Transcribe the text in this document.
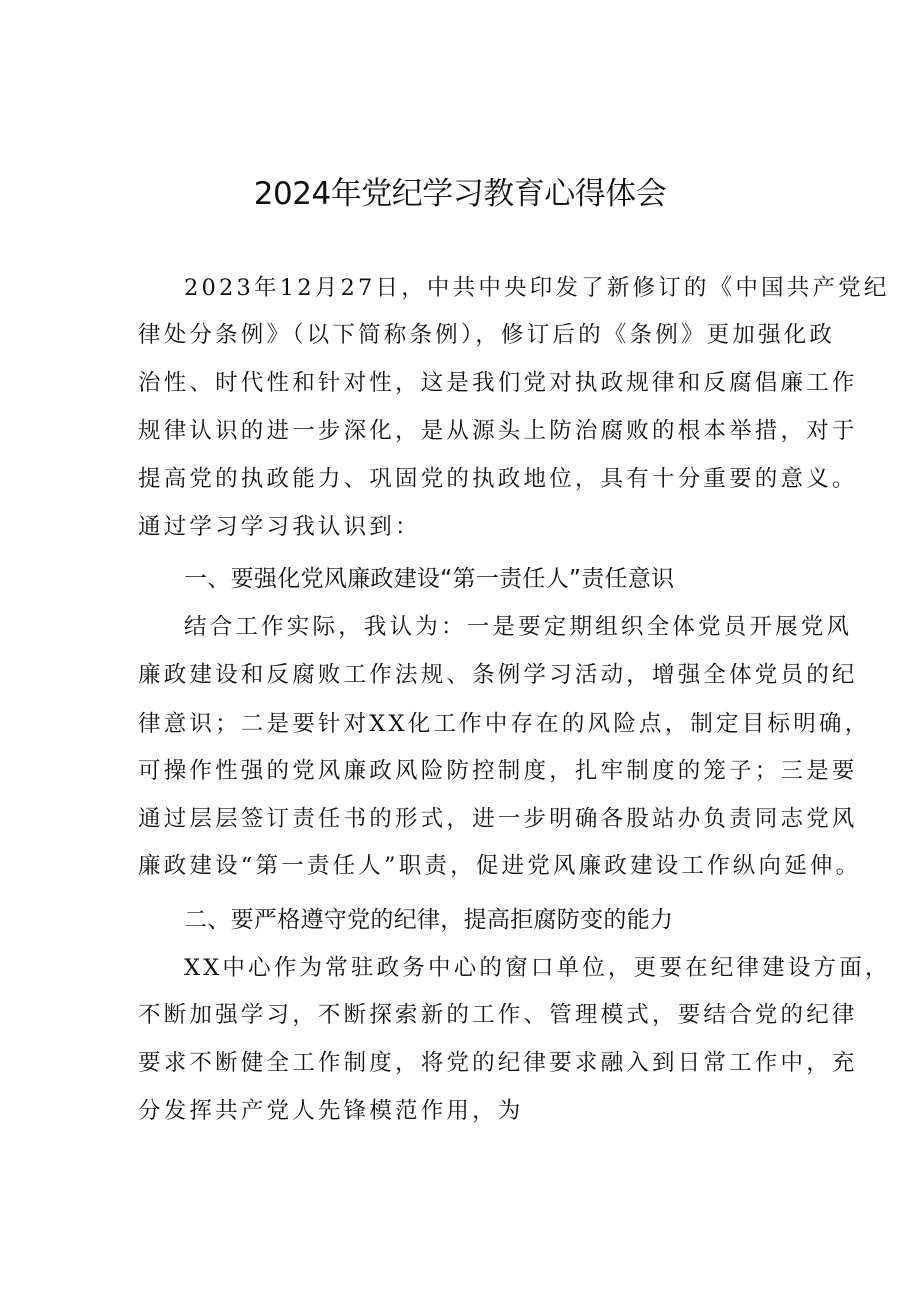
2024年党纪学习教育心得体会
2023年12月27日，中共中央印发了新修订的《中国共产党纪
律处分条例》（以下简称条例），修订后的《条例》更加强化政
治性、时代性和针对性，这是我们党对执政规律和反腐倡廉工作
规律认识的进一步深化，是从源头上防治腐败的根本举措，对于
提高党的执政能力、巩固党的执政地位，具有十分重要的意义。
通过学习学习我认识到：
一、要强化党风廉政建设“第一责任人”责任意识
结合工作实际，我认为：一是要定期组织全体党员开展党风
廉政建设和反腐败工作法规、条例学习活动，增强全体党员的纪
律意识；二是要针对XX化工作中存在的风险点，制定目标明确，
可操作性强的党风廉政风险防控制度，扎牢制度的笼子；三是要
通过层层签订责任书的形式，进一步明确各股站办负责同志党风
廉政建设“第一责任人”职责，促进党风廉政建设工作纵向延伸。
二、要严格遵守党的纪律，提高拒腐防变的能力
XX中心作为常驻政务中心的窗口单位，更要在纪律建设方面，
不断加强学习，不断探索新的工作、管理模式，要结合党的纪律
要求不断健全工作制度，将党的纪律要求融入到日常工作中，充
分发挥共产党人先锋模范作用，为
